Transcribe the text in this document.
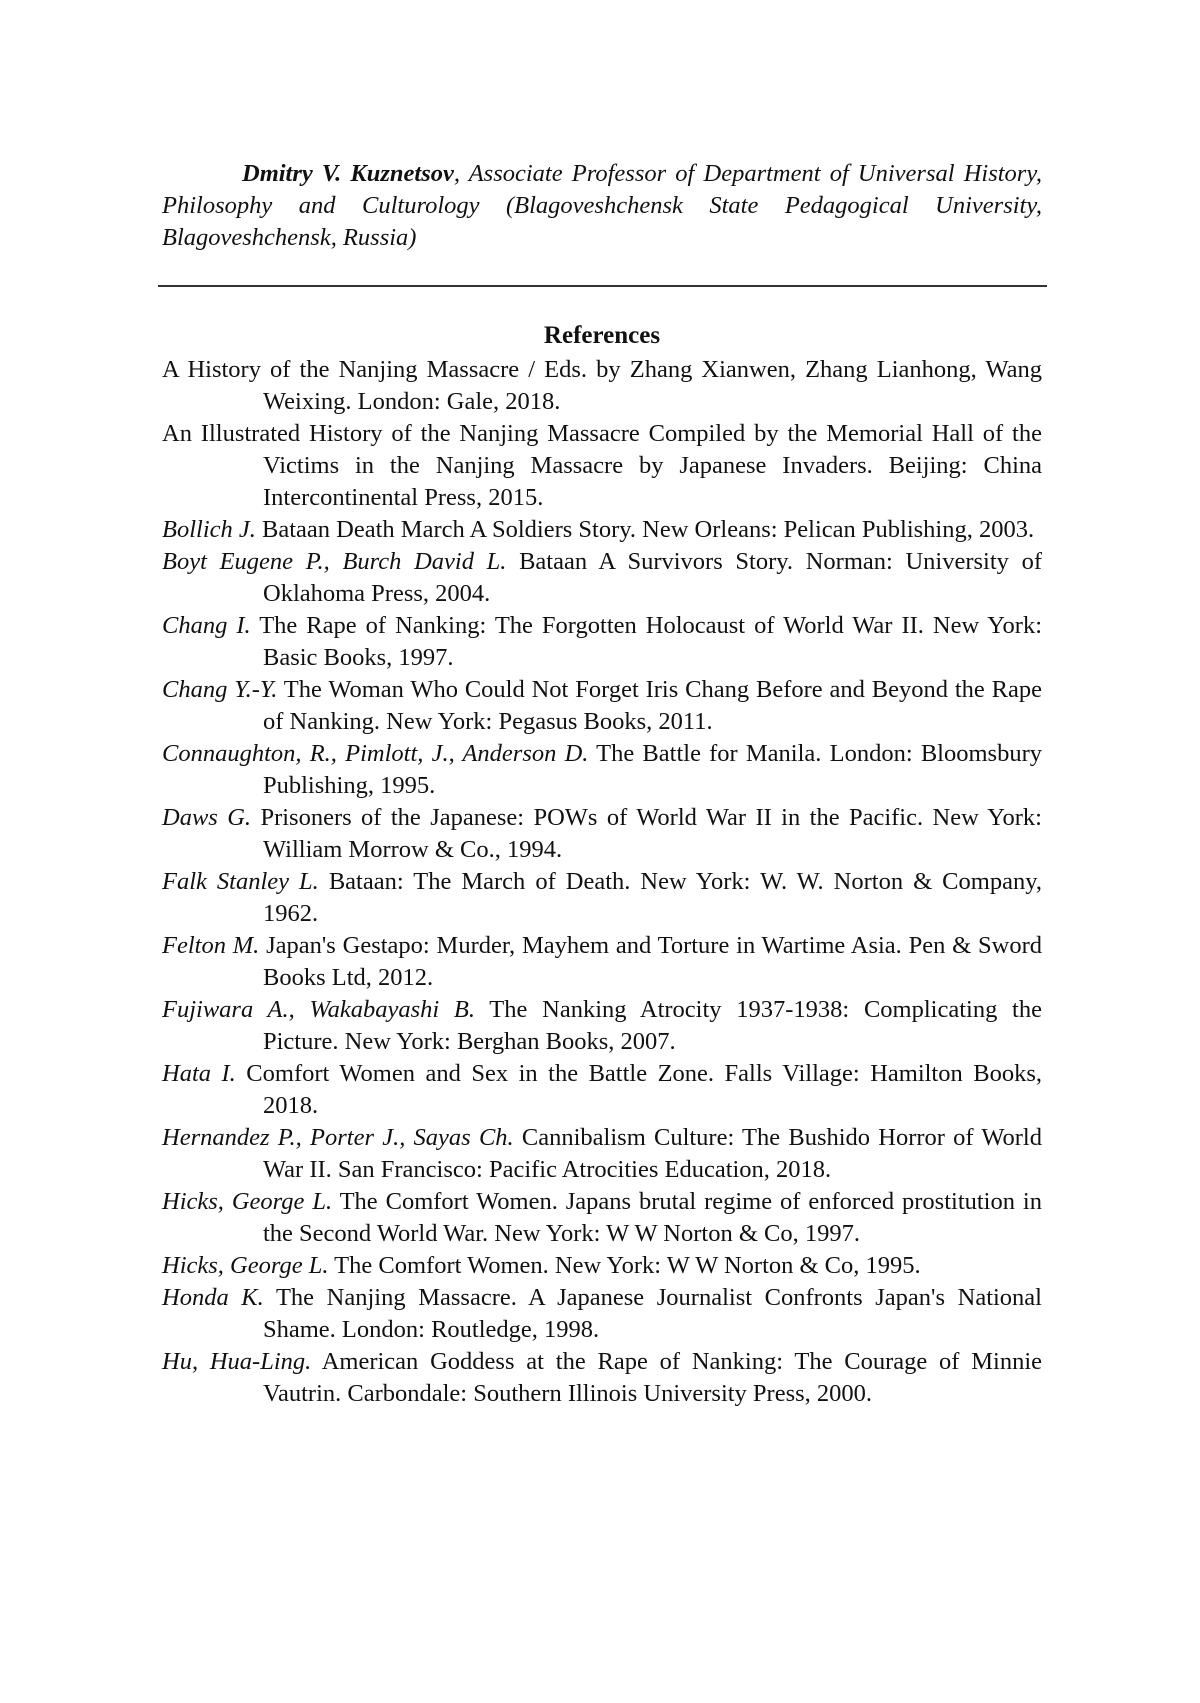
Dmitry V. Kuznetsov, Associate Professor of Department of Universal History, Philosophy and Culturology (Blagoveshchensk State Pedagogical University, Blagoveshchensk, Russia)

References
A History of the Nanjing Massacre / Eds. by Zhang Xianwen, Zhang Lianhong, Wang Weixing. London: Gale, 2018.
An Illustrated History of the Nanjing Massacre Compiled by the Memorial Hall of the Victims in the Nanjing Massacre by Japanese Invaders. Beijing: China Intercontinental Press, 2015.
Bollich J. Bataan Death March A Soldiers Story. New Orleans: Pelican Publishing, 2003.
Boyt Eugene P., Burch David L. Bataan A Survivors Story. Norman: University of Oklahoma Press, 2004.
Chang I. The Rape of Nanking: The Forgotten Holocaust of World War II. New York: Basic Books, 1997.
Chang Y.-Y. The Woman Who Could Not Forget Iris Chang Before and Beyond the Rape of Nanking. New York: Pegasus Books, 2011.
Connaughton, R., Pimlott, J., Anderson D. The Battle for Manila. London: Bloomsbury Publishing, 1995.
Daws G. Prisoners of the Japanese: POWs of World War II in the Pacific. New York: William Morrow & Co., 1994.
Falk Stanley L. Bataan: The March of Death. New York: W. W. Norton & Company, 1962.
Felton M. Japan's Gestapo: Murder, Mayhem and Torture in Wartime Asia. Pen & Sword Books Ltd, 2012.
Fujiwara A., Wakabayashi B. The Nanking Atrocity 1937-1938: Complicating the Picture. New York: Berghan Books, 2007.
Hata I. Comfort Women and Sex in the Battle Zone. Falls Village: Hamilton Books, 2018.
Hernandez P., Porter J., Sayas Ch. Cannibalism Culture: The Bushido Horror of World War II. San Francisco: Pacific Atrocities Education, 2018.
Hicks, George L. The Comfort Women. Japans brutal regime of enforced prostitution in the Second World War. New York: W W Norton & Co, 1997.
Hicks, George L. The Comfort Women. New York: W W Norton & Co, 1995.
Honda K. The Nanjing Massacre. A Japanese Journalist Confronts Japan's National Shame. London: Routledge, 1998.
Hu, Hua-Ling. American Goddess at the Rape of Nanking: The Courage of Minnie Vautrin. Carbondale: Southern Illinois University Press, 2000.
